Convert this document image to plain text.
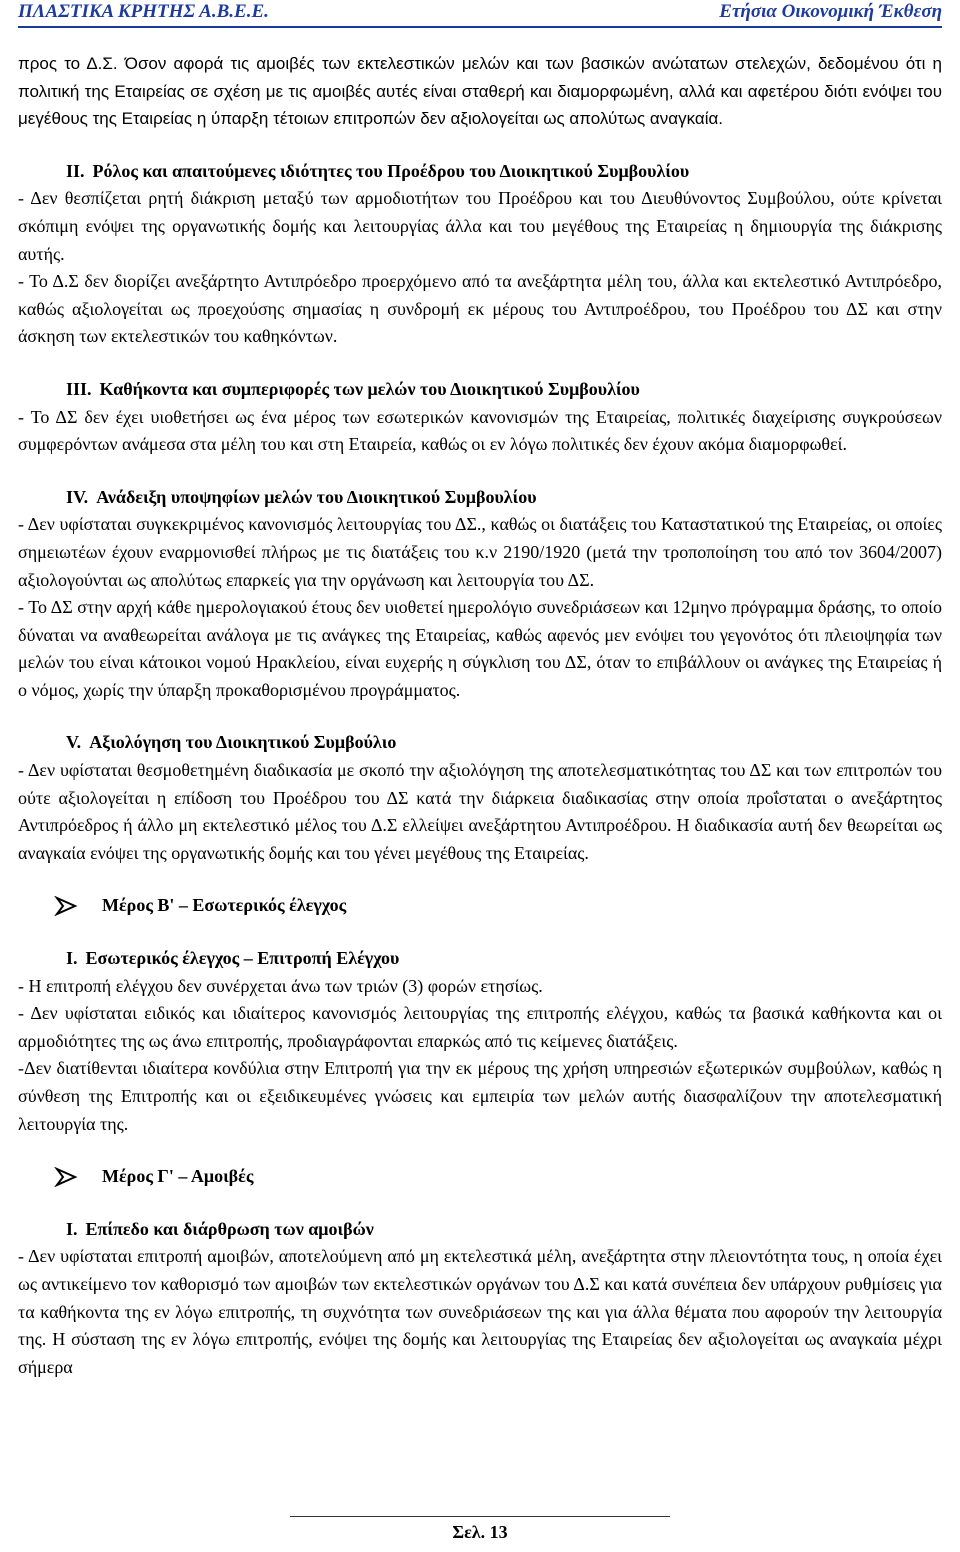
ΠΛΑΣΤΙΚΑ ΚΡΗΤΗΣ Α.Β.Ε.Ε.	Ετήσια Οικονομική Έκθεση

προς το Δ.Σ. Όσον αφορά τις αμοιβές των εκτελεστικών μελών και των βασικών ανώτατων στελεχών, δεδομένου ότι η πολιτική της Εταιρείας σε σχέση με τις αμοιβές αυτές είναι σταθερή και διαμορφωμένη, αλλά και αφετέρου διότι ενόψει του μεγέθους της Εταιρείας η ύπαρξη τέτοιων επιτροπών δεν αξιολογείται ως απολύτως αναγκαία.

II. Ρόλος και απαιτούμενες ιδιότητες του Προέδρου του Διοικητικού Συμβουλίου

- Δεν θεσπίζεται ρητή διάκριση μεταξύ των αρμοδιοτήτων του Προέδρου και του Διευθύνοντος Συμβούλου, ούτε κρίνεται σκόπιμη ενόψει της οργανωτικής δομής και λειτουργίας άλλα και του μεγέθους της Εταιρείας η δημιουργία της διάκρισης αυτής.

- Το Δ.Σ δεν διορίζει ανεξάρτητο Αντιπρόεδρο προερχόμενο από τα ανεξάρτητα μέλη του, άλλα και εκτελεστικό Αντιπρόεδρο, καθώς αξιολογείται ως προεχούσης σημασίας η συνδρομή εκ μέρους του Αντιπροέδρου, του Προέδρου του ΔΣ και στην άσκηση των εκτελεστικών του καθηκόντων.

III. Καθήκοντα και συμπεριφορές των μελών του Διοικητικού Συμβουλίου

- Το ΔΣ δεν έχει υιοθετήσει ως ένα μέρος των εσωτερικών κανονισμών της Εταιρείας, πολιτικές διαχείρισης συγκρούσεων συμφερόντων ανάμεσα στα μέλη του και στη Εταιρεία, καθώς οι εν λόγω πολιτικές δεν έχουν ακόμα διαμορφωθεί.

IV. Ανάδειξη υποψηφίων μελών του Διοικητικού Συμβουλίου

- Δεν υφίσταται συγκεκριμένος κανονισμός λειτουργίας του ΔΣ., καθώς οι διατάξεις του Καταστατικού της Εταιρείας, οι οποίες σημειωτέων έχουν εναρμονισθεί πλήρως με τις διατάξεις του κ.ν 2190/1920 (μετά την τροποποίηση του από τον 3604/2007) αξιολογούνται ως απολύτως επαρκείς για την οργάνωση και λειτουργία του ΔΣ.

- Το ΔΣ στην αρχή κάθε ημερολογιακού έτους δεν υιοθετεί ημερολόγιο συνεδριάσεων και 12μηνο πρόγραμμα δράσης, το οποίο δύναται να αναθεωρείται ανάλογα με τις ανάγκες της Εταιρείας, καθώς αφενός μεν ενόψει του γεγονότος ότι πλειοψηφία των μελών του είναι κάτοικοι νομού Ηρακλείου, είναι ευχερής η σύγκλιση του ΔΣ, όταν το επιβάλλουν οι ανάγκες της Εταιρείας ή ο νόμος, χωρίς την ύπαρξη προκαθορισμένου προγράμματος.

V. Αξιολόγηση του Διοικητικού Συμβούλιο

- Δεν υφίσταται θεσμοθετημένη διαδικασία με σκοπό την αξιολόγηση της αποτελεσματικότητας του ΔΣ και των επιτροπών του ούτε αξιολογείται η επίδοση του Προέδρου του ΔΣ κατά την διάρκεια διαδικασίας στην οποία προΐσταται ο ανεξάρτητος Αντιπρόεδρος ή άλλο μη εκτελεστικό μέλος του Δ.Σ ελλείψει ανεξάρτητου Αντιπροέδρου. Η διαδικασία αυτή δεν θεωρείται ως αναγκαία ενόψει της οργανωτικής δομής και του γένει μεγέθους της Εταιρείας.

Μέρος Β' – Εσωτερικός έλεγχος
I. Εσωτερικός έλεγχος – Επιτροπή Ελέγχου

- Η επιτροπή ελέγχου δεν συνέρχεται άνω των τριών (3) φορών ετησίως.

- Δεν υφίσταται ειδικός και ιδιαίτερος κανονισμός λειτουργίας της επιτροπής ελέγχου, καθώς τα βασικά καθήκοντα και οι αρμοδιότητες της ως άνω επιτροπής, προδιαγράφονται επαρκώς από τις κείμενες διατάξεις.

-Δεν διατίθενται ιδιαίτερα κονδύλια στην Επιτροπή για την εκ μέρους της χρήση υπηρεσιών εξωτερικών συμβούλων, καθώς η σύνθεση της Επιτροπής και οι εξειδικευμένες γνώσεις και εμπειρία των μελών αυτής διασφαλίζουν την αποτελεσματική λειτουργία της.

Μέρος Γ' – Αμοιβές
I. Επίπεδο και διάρθρωση των αμοιβών

- Δεν υφίσταται επιτροπή αμοιβών, αποτελούμενη από μη εκτελεστικά μέλη, ανεξάρτητα στην πλειοντότητα τους, η οποία έχει ως αντικείμενο τον καθορισμό των αμοιβών των εκτελεστικών οργάνων του Δ.Σ και κατά συνέπεια δεν υπάρχουν ρυθμίσεις για τα καθήκοντα της εν λόγω επιτροπής, τη συχνότητα των συνεδριάσεων της και για άλλα θέματα που αφορούν την λειτουργία της. Η σύσταση της εν λόγω επιτροπής, ενόψει της δομής και λειτουργίας της Εταιρείας δεν αξιολογείται ως αναγκαία μέχρι σήμερα

Σελ. 13
